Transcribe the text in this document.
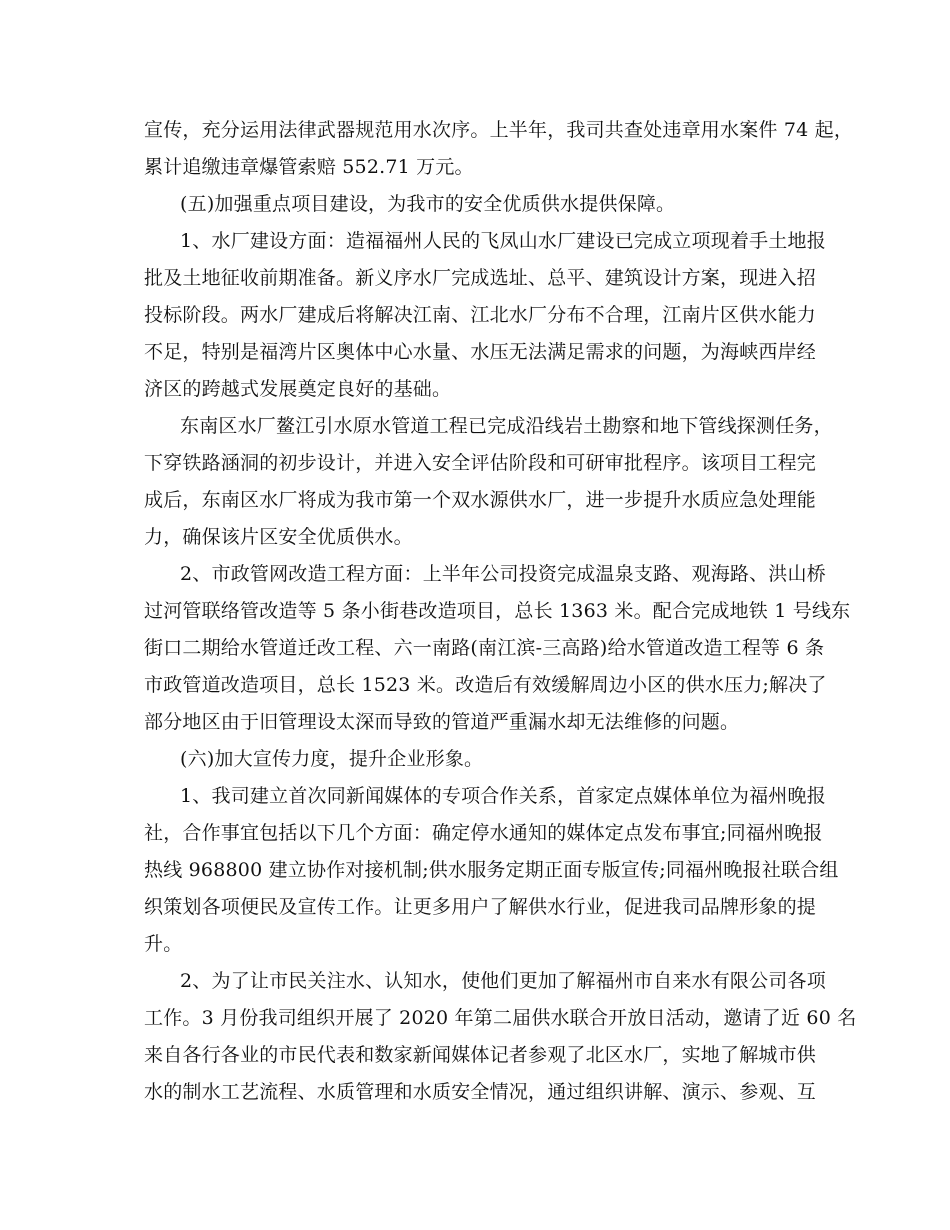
宣传，充分运用法律武器规范用水次序。上半年，我司共查处违章用水案件 74 起，
累计追缴违章爆管索赔 552.71 万元。
(五)加强重点项目建设，为我市的安全优质供水提供保障。
1、水厂建设方面：造福福州人民的飞凤山水厂建设已完成立项现着手土地报
批及土地征收前期准备。新义序水厂完成选址、总平、建筑设计方案，现进入招
投标阶段。两水厂建成后将解决江南、江北水厂分布不合理，江南片区供水能力
不足，特别是福湾片区奥体中心水量、水压无法满足需求的问题，为海峡西岸经
济区的跨越式发展奠定良好的基础。
东南区水厂鳌江引水原水管道工程已完成沿线岩土勘察和地下管线探测任务，
下穿铁路涵洞的初步设计，并进入安全评估阶段和可研审批程序。该项目工程完
成后，东南区水厂将成为我市第一个双水源供水厂，进一步提升水质应急处理能
力，确保该片区安全优质供水。
2、市政管网改造工程方面：上半年公司投资完成温泉支路、观海路、洪山桥
过河管联络管改造等 5 条小街巷改造项目，总长 1363 米。配合完成地铁 1 号线东
街口二期给水管道迁改工程、六一南路(南江滨-三高路)给水管道改造工程等 6 条
市政管道改造项目，总长 1523 米。改造后有效缓解周边小区的供水压力;解决了
部分地区由于旧管理设太深而导致的管道严重漏水却无法维修的问题。
(六)加大宣传力度，提升企业形象。
1、我司建立首次同新闻媒体的专项合作关系，首家定点媒体单位为福州晚报
社，合作事宜包括以下几个方面：确定停水通知的媒体定点发布事宜;同福州晚报
热线 968800 建立协作对接机制;供水服务定期正面专版宣传;同福州晚报社联合组
织策划各项便民及宣传工作。让更多用户了解供水行业，促进我司品牌形象的提
升。
2、为了让市民关注水、认知水，使他们更加了解福州市自来水有限公司各项
工作。3 月份我司组织开展了 2020 年第二届供水联合开放日活动，邀请了近 60 名
来自各行各业的市民代表和数家新闻媒体记者参观了北区水厂，实地了解城市供
水的制水工艺流程、水质管理和水质安全情况，通过组织讲解、演示、参观、互
